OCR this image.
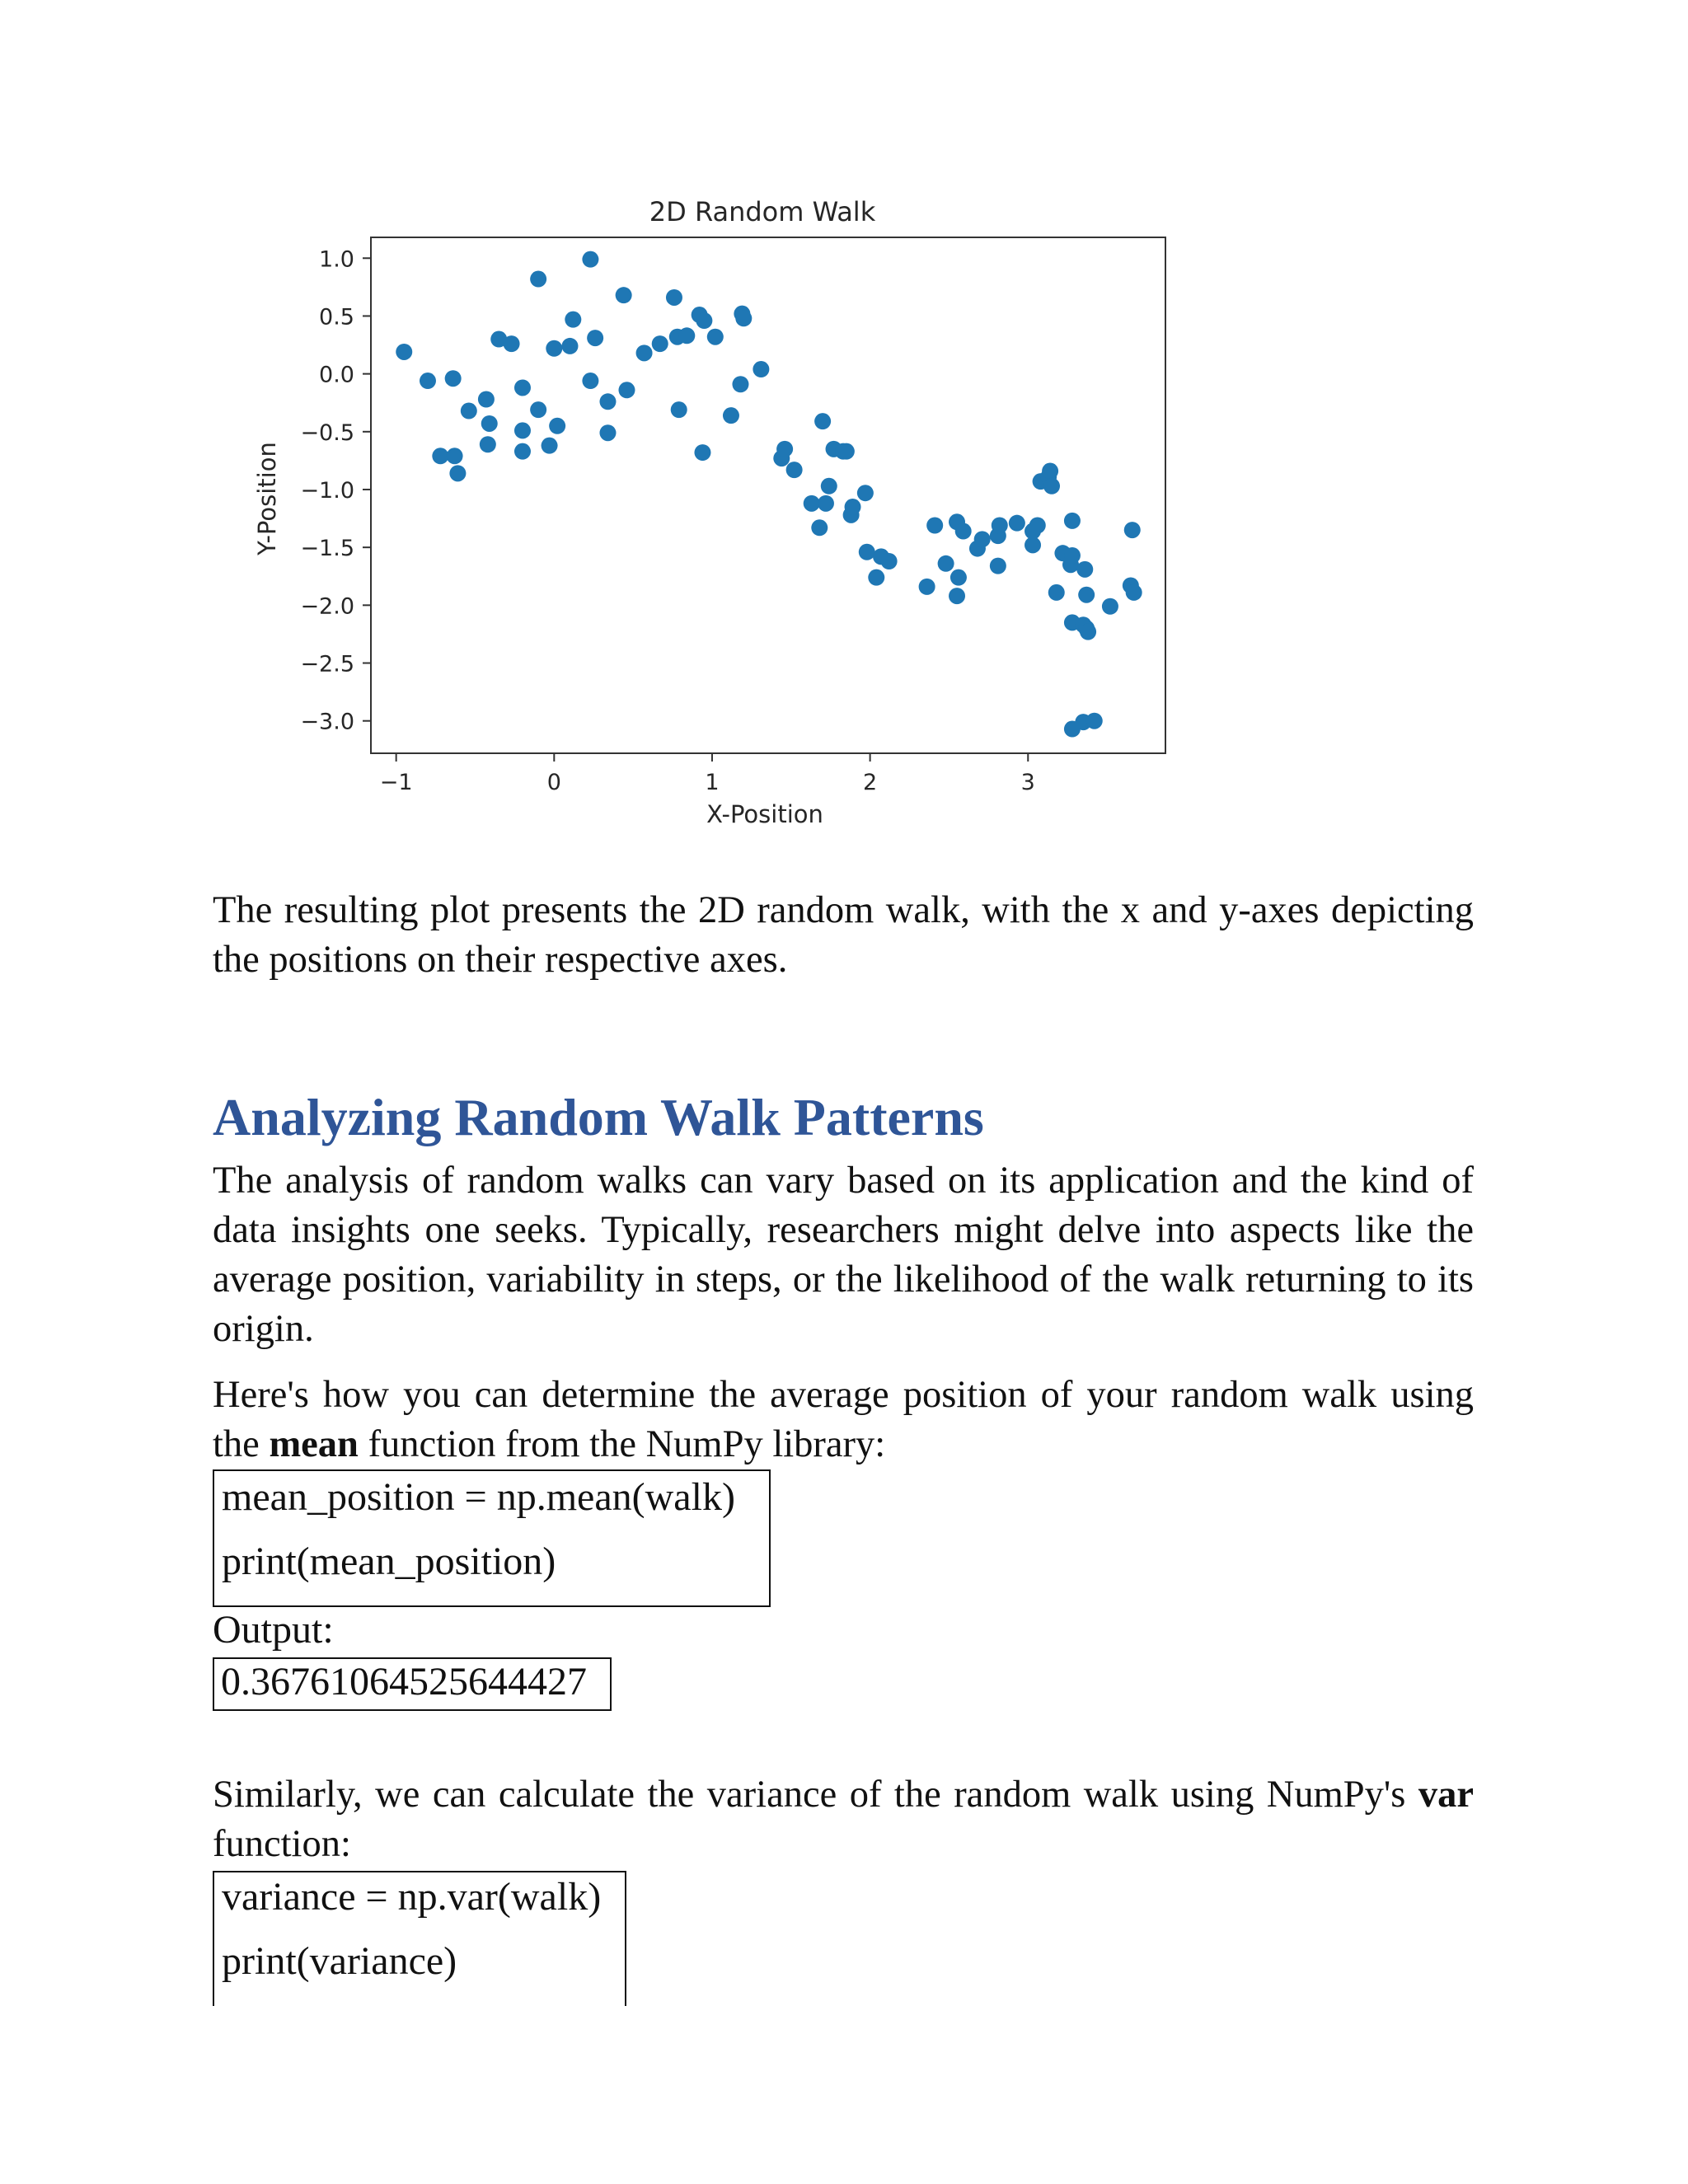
2D Random Walk
−1	0	1	2	3
1.0
0.5
0.0
−0.5
−1.0
−1.5
−2.0
−2.5
−3.0
X-Position
Y-Position

The resulting plot presents the 2D random walk, with the x and y-axes depicting the positions on their respective axes.

Analyzing Random Walk Patterns

The analysis of random walks can vary based on its application and the kind of data insights one seeks. Typically, researchers might delve into aspects like the average position, variability in steps, or the likelihood of the walk returning to its origin.

Here's how you can determine the average position of your random walk using the mean function from the NumPy library:

mean_position = np.mean(walk)
print(mean_position)
Output:
0.36761064525644427

Similarly, we can calculate the variance of the random walk using NumPy's var function:

variance = np.var(walk)
print(variance)
